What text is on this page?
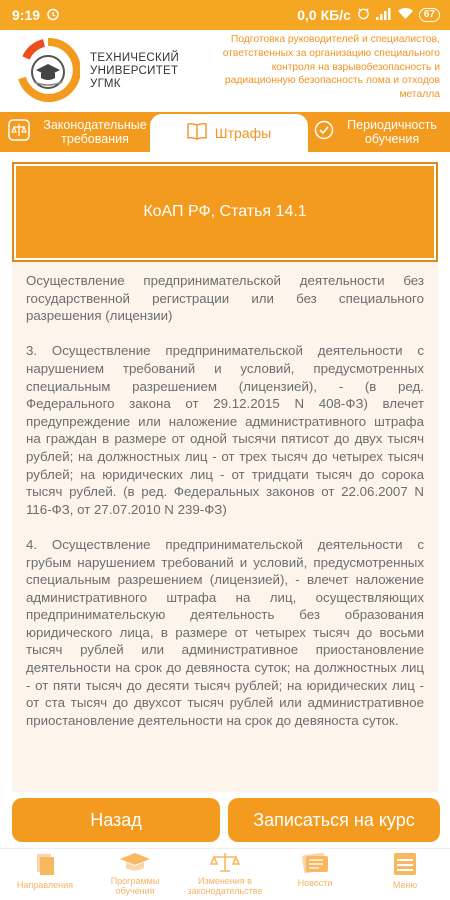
9:19	0,0 КБ/с	67
ТЕХНИЧЕСКИЙ
УНИВЕРСИТЕТ
УГМК
Подготовка руководителей и специалистов, ответственных за организацию специального контроля на взрывобезопасность и радиационную безопасность лома и отходов металла
Законодательные требования
Периодичность обучения
Штрафы
КоАП РФ, Статья 14.1

Осуществление предпринимательской деятельности без государственной регистрации или без специального разрешения (лицензии)

3. Осуществление предпринимательской деятельности с нарушением требований и условий, предусмотренных специальным разрешением (лицензией), - (в ред. Федерального закона от 29.12.2015 N 408-ФЗ) влечет предупреждение или наложение административного штрафа на граждан в размере от одной тысячи пятисот до двух тысяч рублей; на должностных лиц - от трех тысяч до четырех тысяч рублей; на юридических лиц - от тридцати тысяч до сорока тысяч рублей. (в ред. Федеральных законов от 22.06.2007 N 116-ФЗ, от 27.07.2010 N 239-ФЗ)

4. Осуществление предпринимательской деятельности с грубым нарушением требований и условий, предусмотренных специальным разрешением (лицензией), - влечет наложение административного штрафа на лиц, осуществляющих предпринимательскую деятельность без образования юридического лица, в размере от четырех тысяч до восьми тысяч рублей или административное приостановление деятельности на срок до девяноста суток; на должностных лиц - от пяти тысяч до десяти тысяч рублей; на юридических лиц - от ста тысяч до двухсот тысяч рублей или административное приостановление деятельности на срок до девяноста суток.

Назад	Записаться на курс
Направления	Программы обучения
Изменения в законодательстве
Новости	Меню
